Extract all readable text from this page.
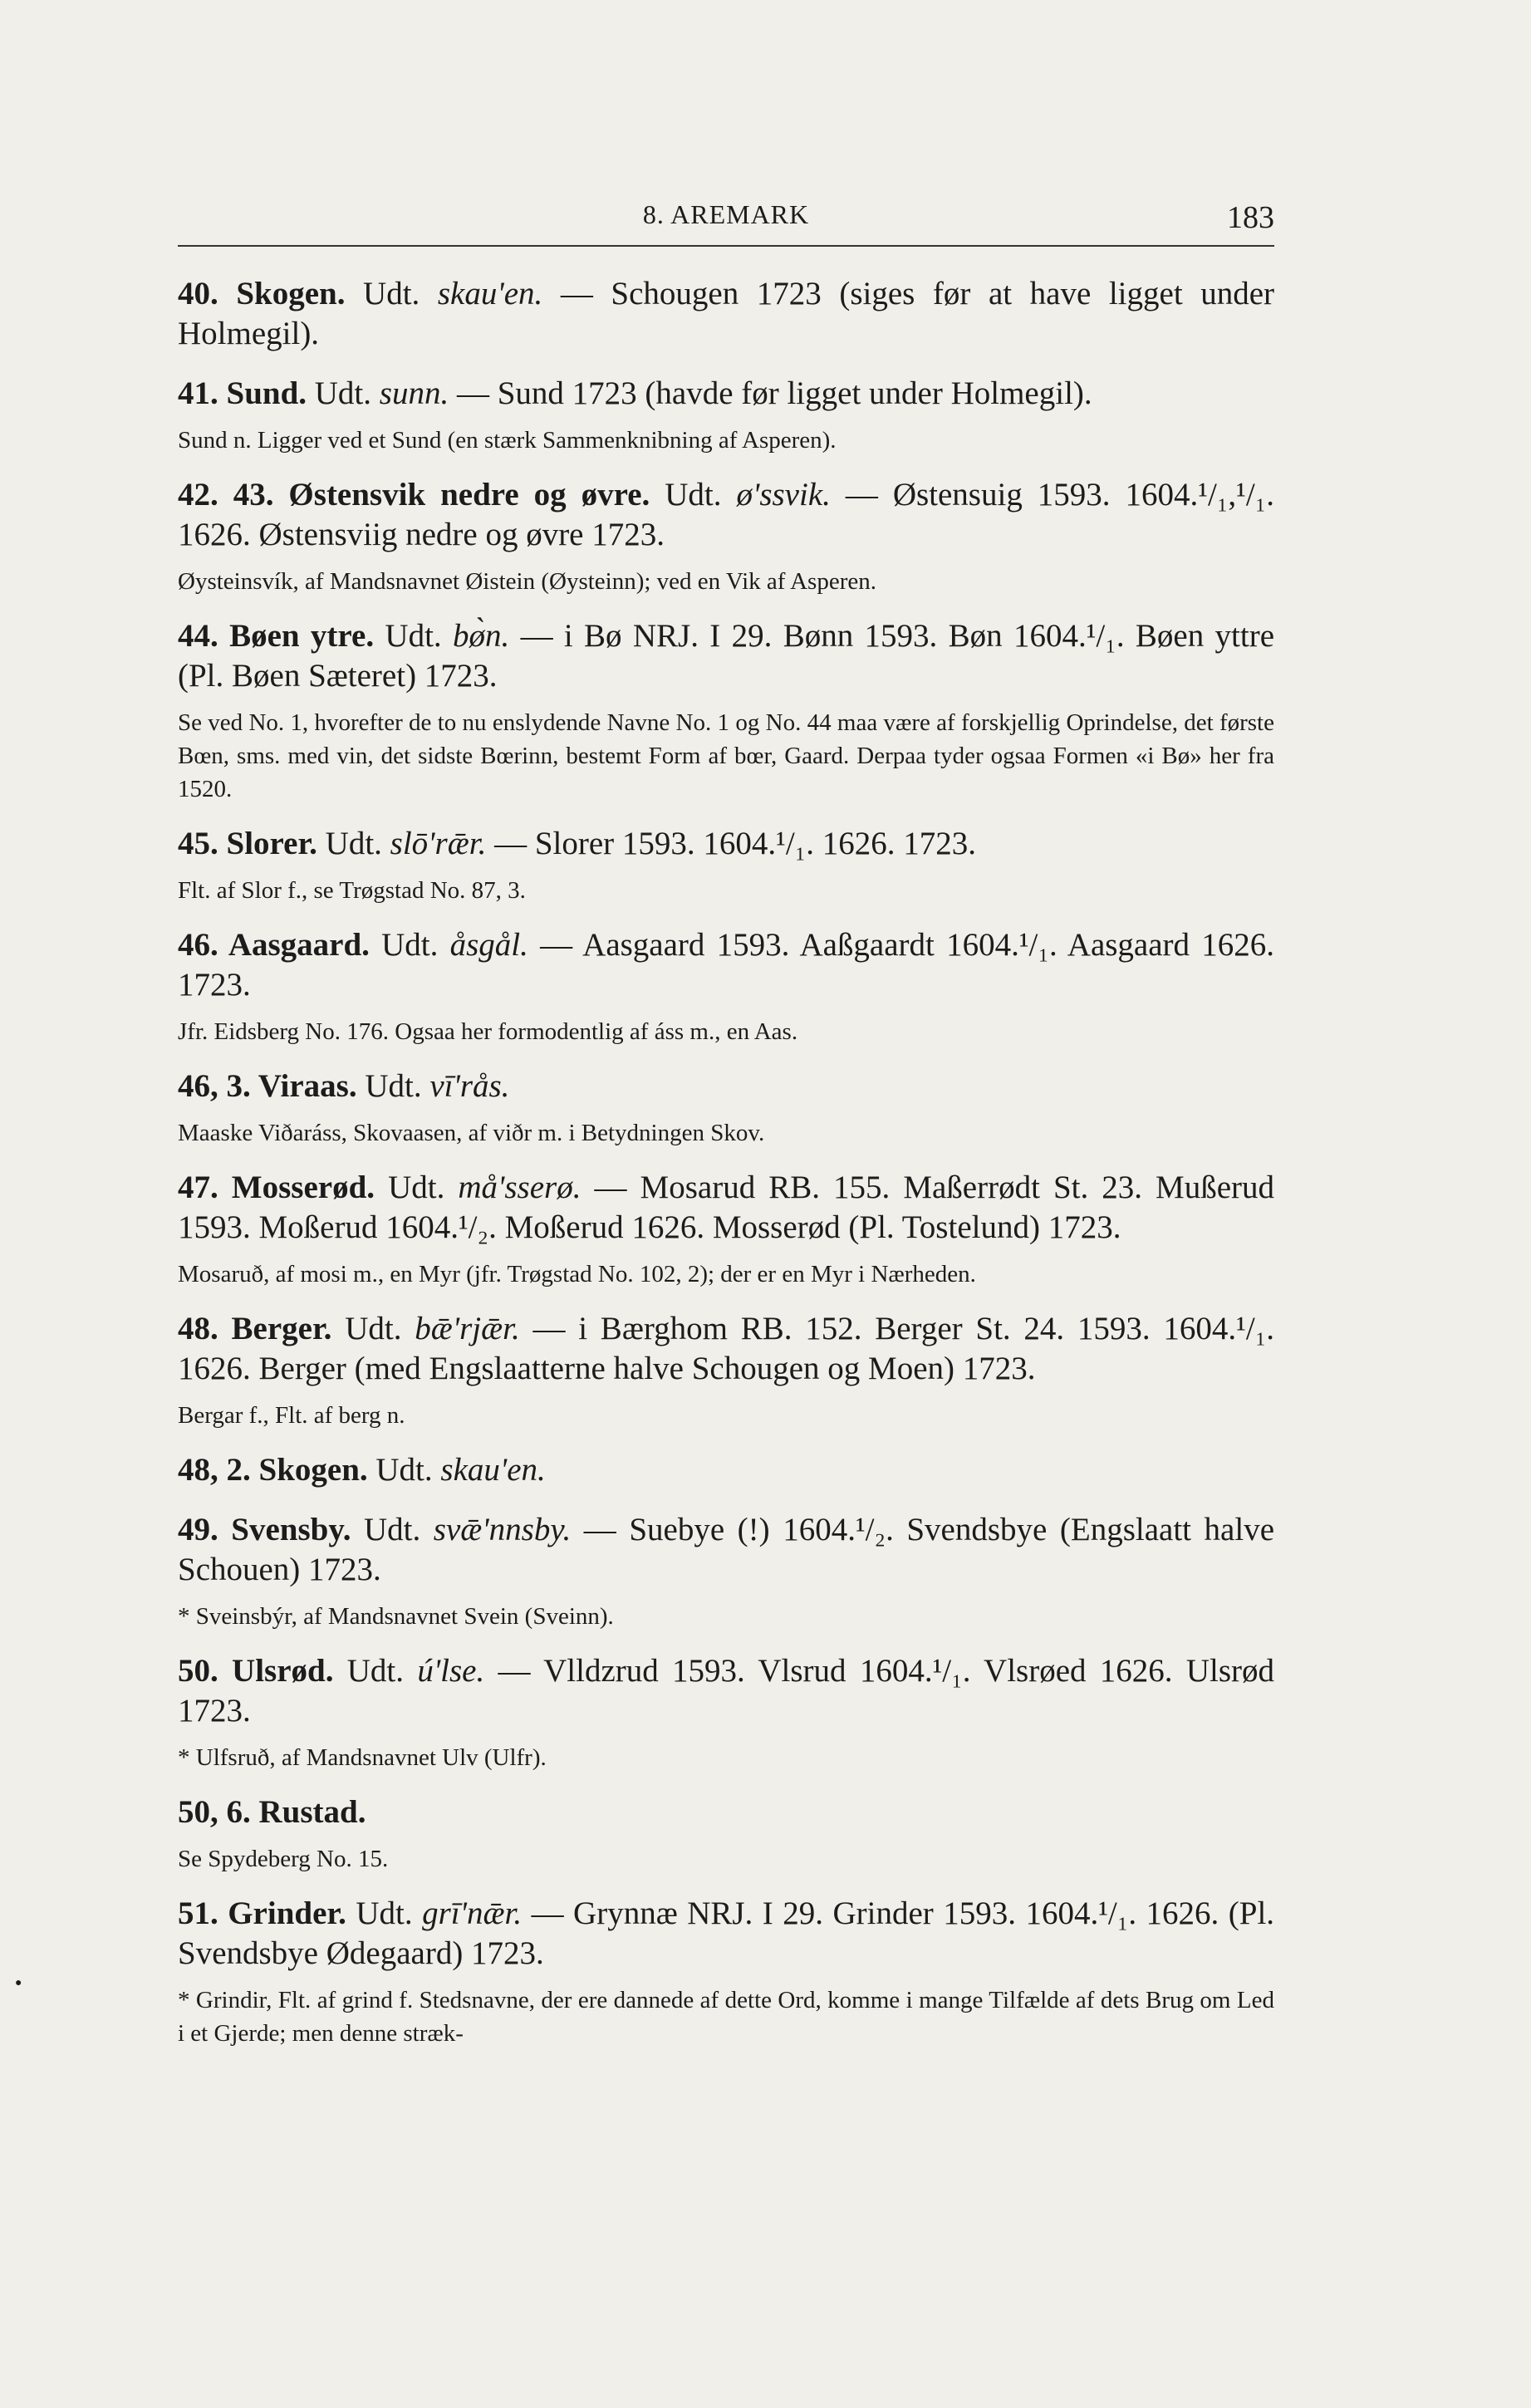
8. AREMARK	183

40. Skogen. Udt. skau'en. — Schougen 1723 (siges før at have ligget under Holmegil).

41. Sund. Udt. sunn. — Sund 1723 (havde før ligget under Holmegil).

Sund n. Ligger ved et Sund (en stærk Sammenknibning af Asperen).

42. 43. Østensvik nedre og øvre. Udt. ø'ssvik. — Østensuig 1593. 1604.¹/₁,¹/₁. 1626. Østensviig nedre og øvre 1723.

Øysteinsvík, af Mandsnavnet Øistein (Øysteinn); ved en Vik af Asperen.

44. Bøen ytre. Udt. bø̀n. — i Bø NRJ. I 29. Bønn 1593. Bøn 1604.¹/₁. Bøen yttre (Pl. Bøen Sæteret) 1723.

Se ved No. 1, hvorefter de to nu enslydende Navne No. 1 og No. 44 maa være af forskjellig Oprindelse, det første Bœn, sms. med vin, det sidste Bœrinn, bestemt Form af bœr, Gaard. Derpaa tyder ogsaa Formen «i Bø» her fra 1520.

45. Slorer. Udt. slō'rǣr. — Slorer 1593. 1604.¹/₁. 1626. 1723.

Flt. af Slor f., se Trøgstad No. 87, 3.

46. Aasgaard. Udt. åsgål. — Aasgaard 1593. Aaßgaardt 1604.¹/₁. Aasgaard 1626. 1723.

Jfr. Eidsberg No. 176. Ogsaa her formodentlig af áss m., en Aas.

46, 3. Viraas. Udt. vī'rås.

Maaske Viðaráss, Skovaasen, af viðr m. i Betydningen Skov.

47. Mosserød. Udt. må'sserø. — Mosarud RB. 155. Maßerrødt St. 23. Mußerud 1593. Moßerud 1604.¹/₂. Moßerud 1626. Mosserød (Pl. Tostelund) 1723.

Mosaruð, af mosi m., en Myr (jfr. Trøgstad No. 102, 2); der er en Myr i Nærheden.

48. Berger. Udt. bǣ'rjǣr. — i Bærghom RB. 152. Berger St. 24. 1593. 1604.¹/₁. 1626. Berger (med Engslaatterne halve Schougen og Moen) 1723.

Bergar f., Flt. af berg n.

48, 2. Skogen. Udt. skau'en.

49. Svensby. Udt. svǣ'nnsby. — Suebye (!) 1604.¹/₂. Svendsbye (Engslaatt halve Schouen) 1723.

* Sveinsbýr, af Mandsnavnet Svein (Sveinn).

50. Ulsrød. Udt. ú'lse. — Vlldzrud 1593. Vlsrud 1604.¹/₁. Vlsrøed 1626. Ulsrød 1723.

* Ulfsruð, af Mandsnavnet Ulv (Ulfr).

50, 6. Rustad.

Se Spydeberg No. 15.

51. Grinder. Udt. grī'nǣr. — Grynnæ NRJ. I 29. Grinder 1593. 1604.¹/₁. 1626. (Pl. Svendsbye Ødegaard) 1723.

* Grindir, Flt. af grind f. Stedsnavne, der ere dannede af dette Ord, komme i mange Tilfælde af dets Brug om Led i et Gjerde; men denne stræk-

●
